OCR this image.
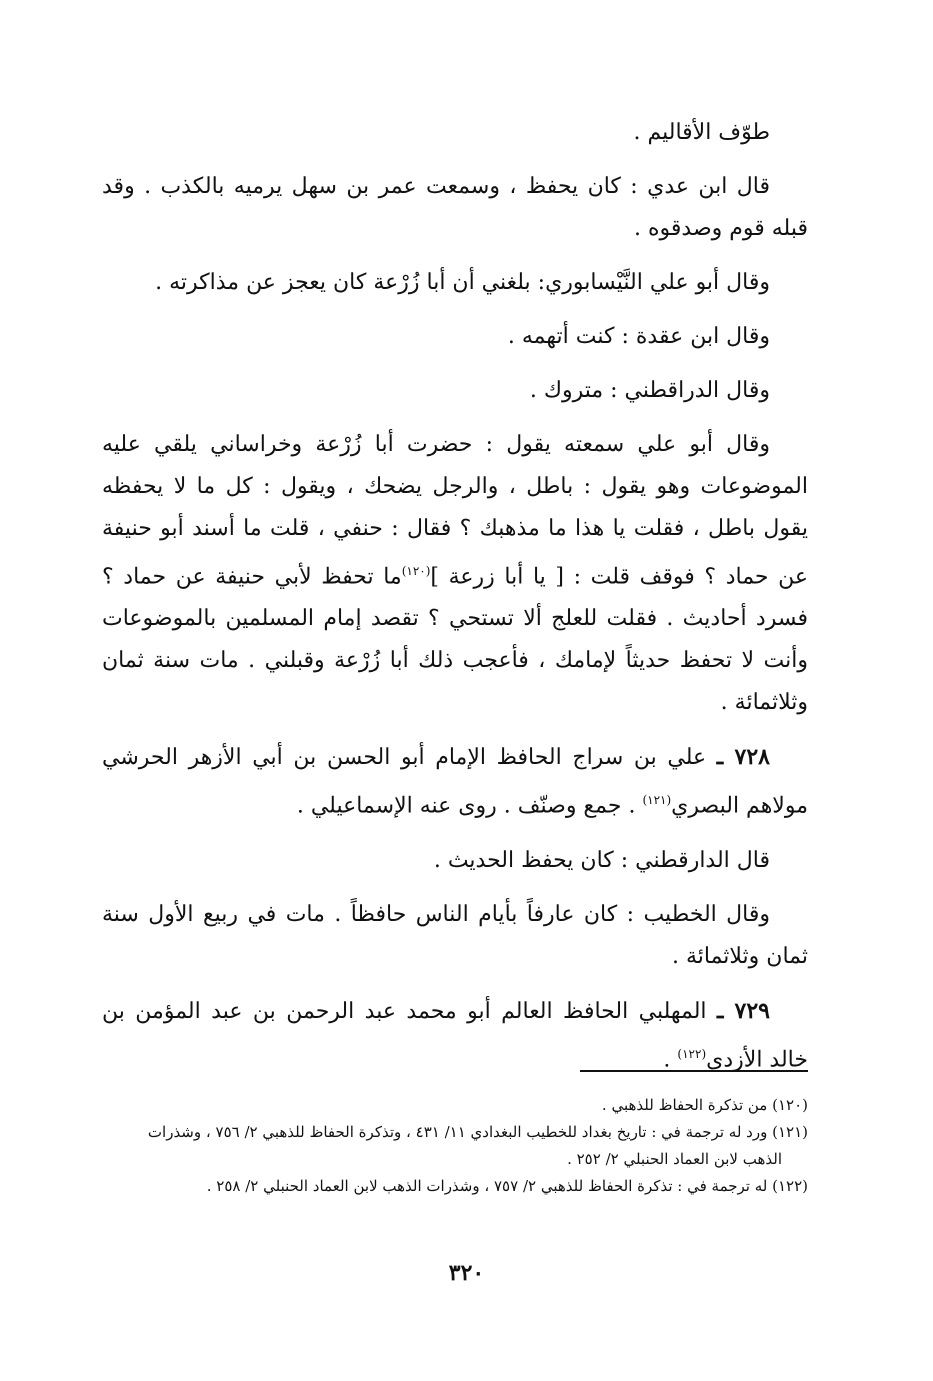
طوّف الأقاليم .

قال ابن عدي : كان يحفظ ، وسمعت عمر بن سهل يرميه بالكذب . وقد قبله قوم وصدقوه .

وقال أبو علي النَّيْسابوري: بلغني أن أبا زُرْعة كان يعجز عن مذاكرته .

وقال ابن عقدة : كنت أتهمه .

وقال الدراقطني : متروك .

وقال أبو علي سمعته يقول : حضرت أبا زُرْعة وخراساني يلقي عليه الموضوعات وهو يقول : باطل ، والرجل يضحك ، ويقول : كل ما لا يحفظه يقول باطل ، فقلت يا هذا ما مذهبك ؟ فقال : حنفي ، قلت ما أسند أبو حنيفة عن حماد ؟ فوقف قلت : [ يا أبا زرعة ]$^{(١٢٠)}$ما تحفظ لأبي حنيفة عن حماد ؟ فسرد أحاديث . فقلت للعلج ألا تستحي ؟ تقصد إمام المسلمين بالموضوعات وأنت لا تحفظ حديثاً لإمامك ، فأعجب ذلك أبا زُرْعة وقبلني . مات سنة ثمان وثلاثمائة .

٧٢٨ ـ علي بن سراج الحافظ الإمام أبو الحسن بن أبي الأزهر الحرشي مولاهم البصري$^{(١٢١)}$ . جمع وصنّف . روى عنه الإسماعيلي .

قال الدارقطني : كان يحفظ الحديث .

وقال الخطيب : كان عارفاً بأيام الناس حافظاً . مات في ربيع الأول سنة ثمان وثلاثمائة .

٧٢٩ ـ المهلبي الحافظ العالم أبو محمد عبد الرحمن بن عبد المؤمن بن خالد الأزدي$^{(١٢٢)}$ .

(١٢٠) من تذكرة الحفاظ للذهبي .

(١٢١) ورد له ترجمة في : تاريخ بغداد للخطيب البغدادي ١١/ ٤٣١ ، وتذكرة الحفاظ للذهبي ٢/ ٧٥٦ ، وشذرات

الذهب لابن العماد الحنبلي ٢/ ٢٥٢ .

(١٢٢) له ترجمة في : تذكرة الحفاظ للذهبي ٢/ ٧٥٧ ، وشذرات الذهب لابن العماد الحنبلي ٢/ ٢٥٨ .

٣٢٠
